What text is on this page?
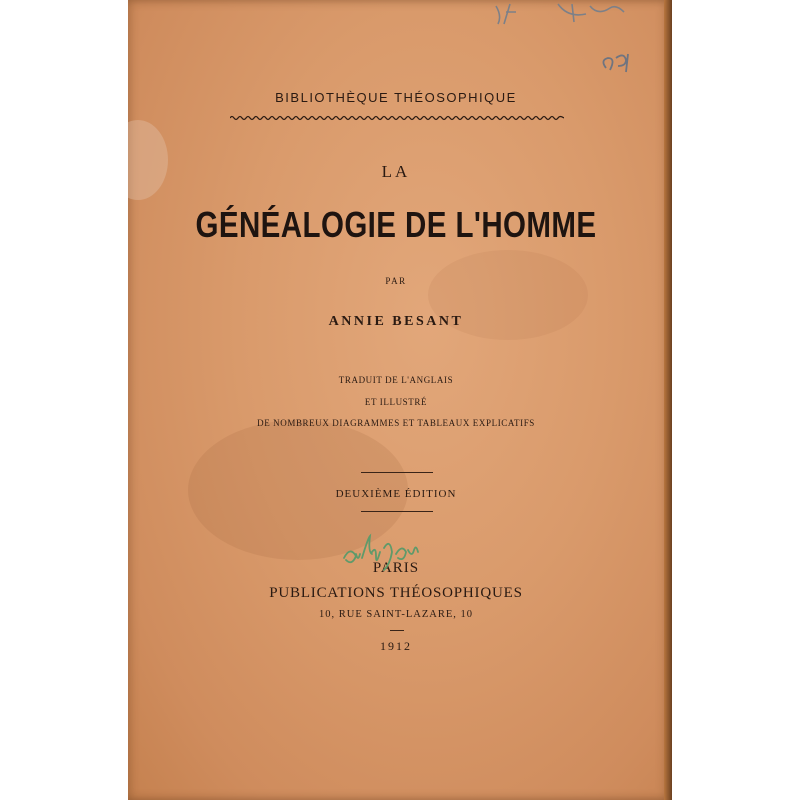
BIBLIOTHÈQUE THÉOSOPHIQUE
LA
GÉNÉALOGIE DE L'HOMME
PAR
ANNIE BESANT
TRADUIT DE L'ANGLAIS
ET ILLUSTRÉ
DE NOMBREUX DIAGRAMMES ET TABLEAUX EXPLICATIFS
DEUXIÈME ÉDITION
PARIS
PUBLICATIONS THÉOSOPHIQUES
10, RUE SAINT-LAZARE, 10
1912
